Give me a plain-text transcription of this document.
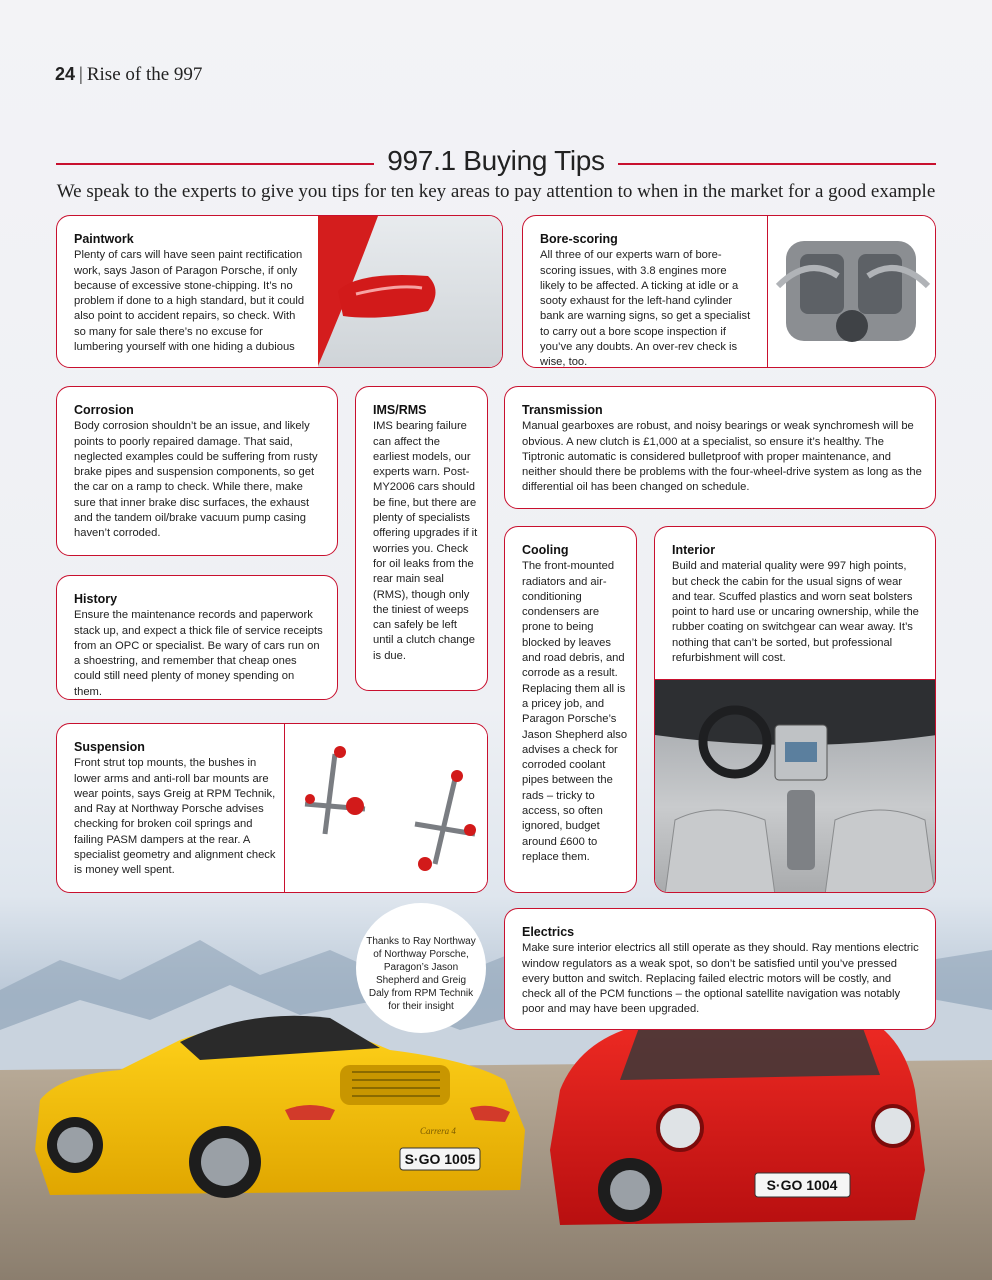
24 | Rise of the 997
997.1 Buying Tips
We speak to the experts to give you tips for ten key areas to pay attention to when in the market for a good example
S·GO 1005
Carrera 4
S·GO 1004
Paintwork

Plenty of cars will have seen paint rectification work, says Jason of Paragon Porsche, if only because of excessive stone-chipping. It’s no problem if done to a high standard, but it could also point to accident repairs, so check. With so many for sale there’s no excuse for lumbering yourself with one hiding a dubious

Bore-scoring

All three of our experts warn of bore-scoring issues, with 3.8 engines more likely to be affected. A ticking at idle or a sooty exhaust for the left-hand cylinder bank are warning signs, so get a specialist to carry out a bore scope inspection if you’ve any doubts. An over-rev check is wise, too.

Corrosion

Body corrosion shouldn’t be an issue, and likely points to poorly repaired damage. That said, neglected examples could be suffering from rusty brake pipes and suspension components, so get the car on a ramp to check. While there, make sure that inner brake disc surfaces, the exhaust and the tandem oil/brake vacuum pump casing haven’t corroded.

IMS/RMS

IMS bearing failure can affect the earliest models, our experts warn. Post-MY2006 cars should be fine, but there are plenty of specialists offering upgrades if it worries you. Check for oil leaks from the rear main seal (RMS), though only the tiniest of weeps can safely be left until a clutch change is due.

Transmission

Manual gearboxes are robust, and noisy bearings or weak synchromesh will be obvious. A new clutch is £1,000 at a specialist, so ensure it’s healthy. The Tiptronic automatic is considered bulletproof with proper maintenance, and neither should there be problems with the four-wheel-drive system as long as the differential oil has been changed on schedule.

History

Ensure the maintenance records and paperwork stack up, and expect a thick file of service receipts from an OPC or specialist. Be wary of cars run on a shoestring, and remember that cheap ones could still need plenty of money spending on them.

Cooling

The front-mounted radiators and air-conditioning condensers are prone to being blocked by leaves and road debris, and corrode as a result. Replacing them all is a pricey job, and Paragon Porsche’s Jason Shepherd also advises a check for corroded coolant pipes between the rads – tricky to access, so often ignored, budget around £600 to replace them.

Interior

Build and material quality were 997 high points, but check the cabin for the usual signs of wear and tear. Scuffed plastics and worn seat bolsters point to hard use or uncaring ownership, while the rubber coating on switchgear can wear away. It’s nothing that can’t be sorted, but professional refurbishment will cost.

Suspension

Front strut top mounts, the bushes in lower arms and anti-roll bar mounts are wear points, says Greig at RPM Technik, and Ray at Northway Porsche advises checking for broken coil springs and failing PASM dampers at the rear. A specialist geometry and alignment check is money well spent.

Thanks to Ray Northway of Northway Porsche, Paragon’s Jason Shepherd and Greig Daly from RPM Technik for their insight
Electrics

Make sure interior electrics all still operate as they should. Ray mentions electric window regulators as a weak spot, so don’t be satisfied until you’ve pressed every button and switch. Replacing failed electric motors will be costly, and check all of the PCM functions – the optional satellite navigation was notably poor and may have been upgraded.
